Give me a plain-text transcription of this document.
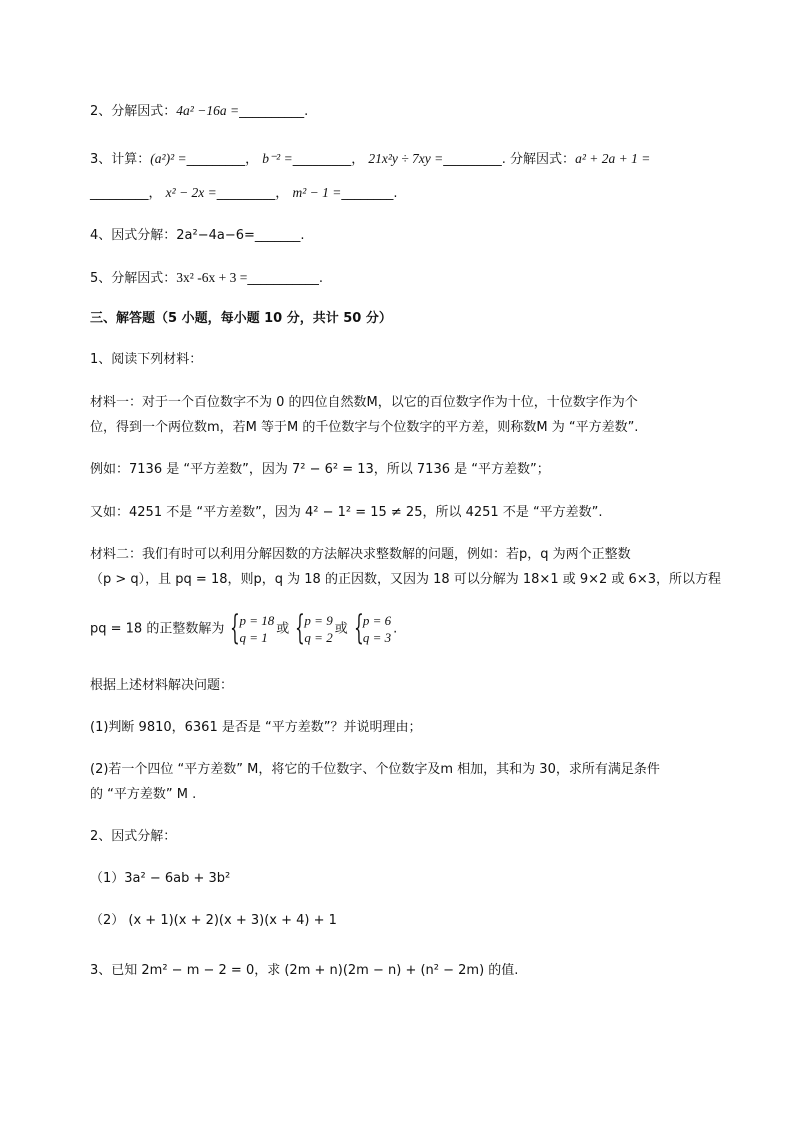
2、分解因式：4a² −16a =__________.
3、计算：(a²)² =_________， b⁻² =_________， 21x²y ÷ 7xy =_________. 分解因式：a² + 2a + 1 =
_________， x² − 2x =_________， m² − 1 =________.
4、因式分解：2a²−4a−6=_______.
5、分解因式：3x² -6x + 3 =___________.
三、解答题（5 小题，每小题 10 分，共计 50 分）
1、阅读下列材料：
材料一：对于一个百位数字不为 0 的四位自然数M，以它的百位数字作为十位，十位数字作为个
位，得到一个两位数m，若M 等于M 的千位数字与个位数字的平方差，则称数M 为 “平方差数”.
例如：7136 是 “平方差数”，因为 7² − 6² = 13，所以 7136 是 “平方差数”；
又如：4251 不是 “平方差数”，因为 4² − 1² = 15 ≠ 25，所以 4251 不是 “平方差数”.
材料二：我们有时可以利用分解因数的方法解决求整数解的问题，例如：若p，q 为两个正整数
（p > q），且 pq = 18，则p，q 为 18 的正因数，又因为 18 可以分解为 18×1 或 9×2 或 6×3，所以方程
pq = 18 的正整数解为 { p = 18
q = 1
或 { p = 9
q = 2
或 { p = 6
q = 3
.
根据上述材料解决问题：
(1)判断 9810，6361 是否是 “平方差数”？并说明理由；
(2)若一个四位 “平方差数” M，将它的千位数字、个位数字及m 相加，其和为 30，求所有满足条件
的 “平方差数” M .
2、因式分解：
（1）3a² − 6ab + 3b²
（2） (x + 1)(x + 2)(x + 3)(x + 4) + 1
3、已知 2m² − m − 2 = 0，求 (2m + n)(2m − n) + (n² − 2m) 的值.
